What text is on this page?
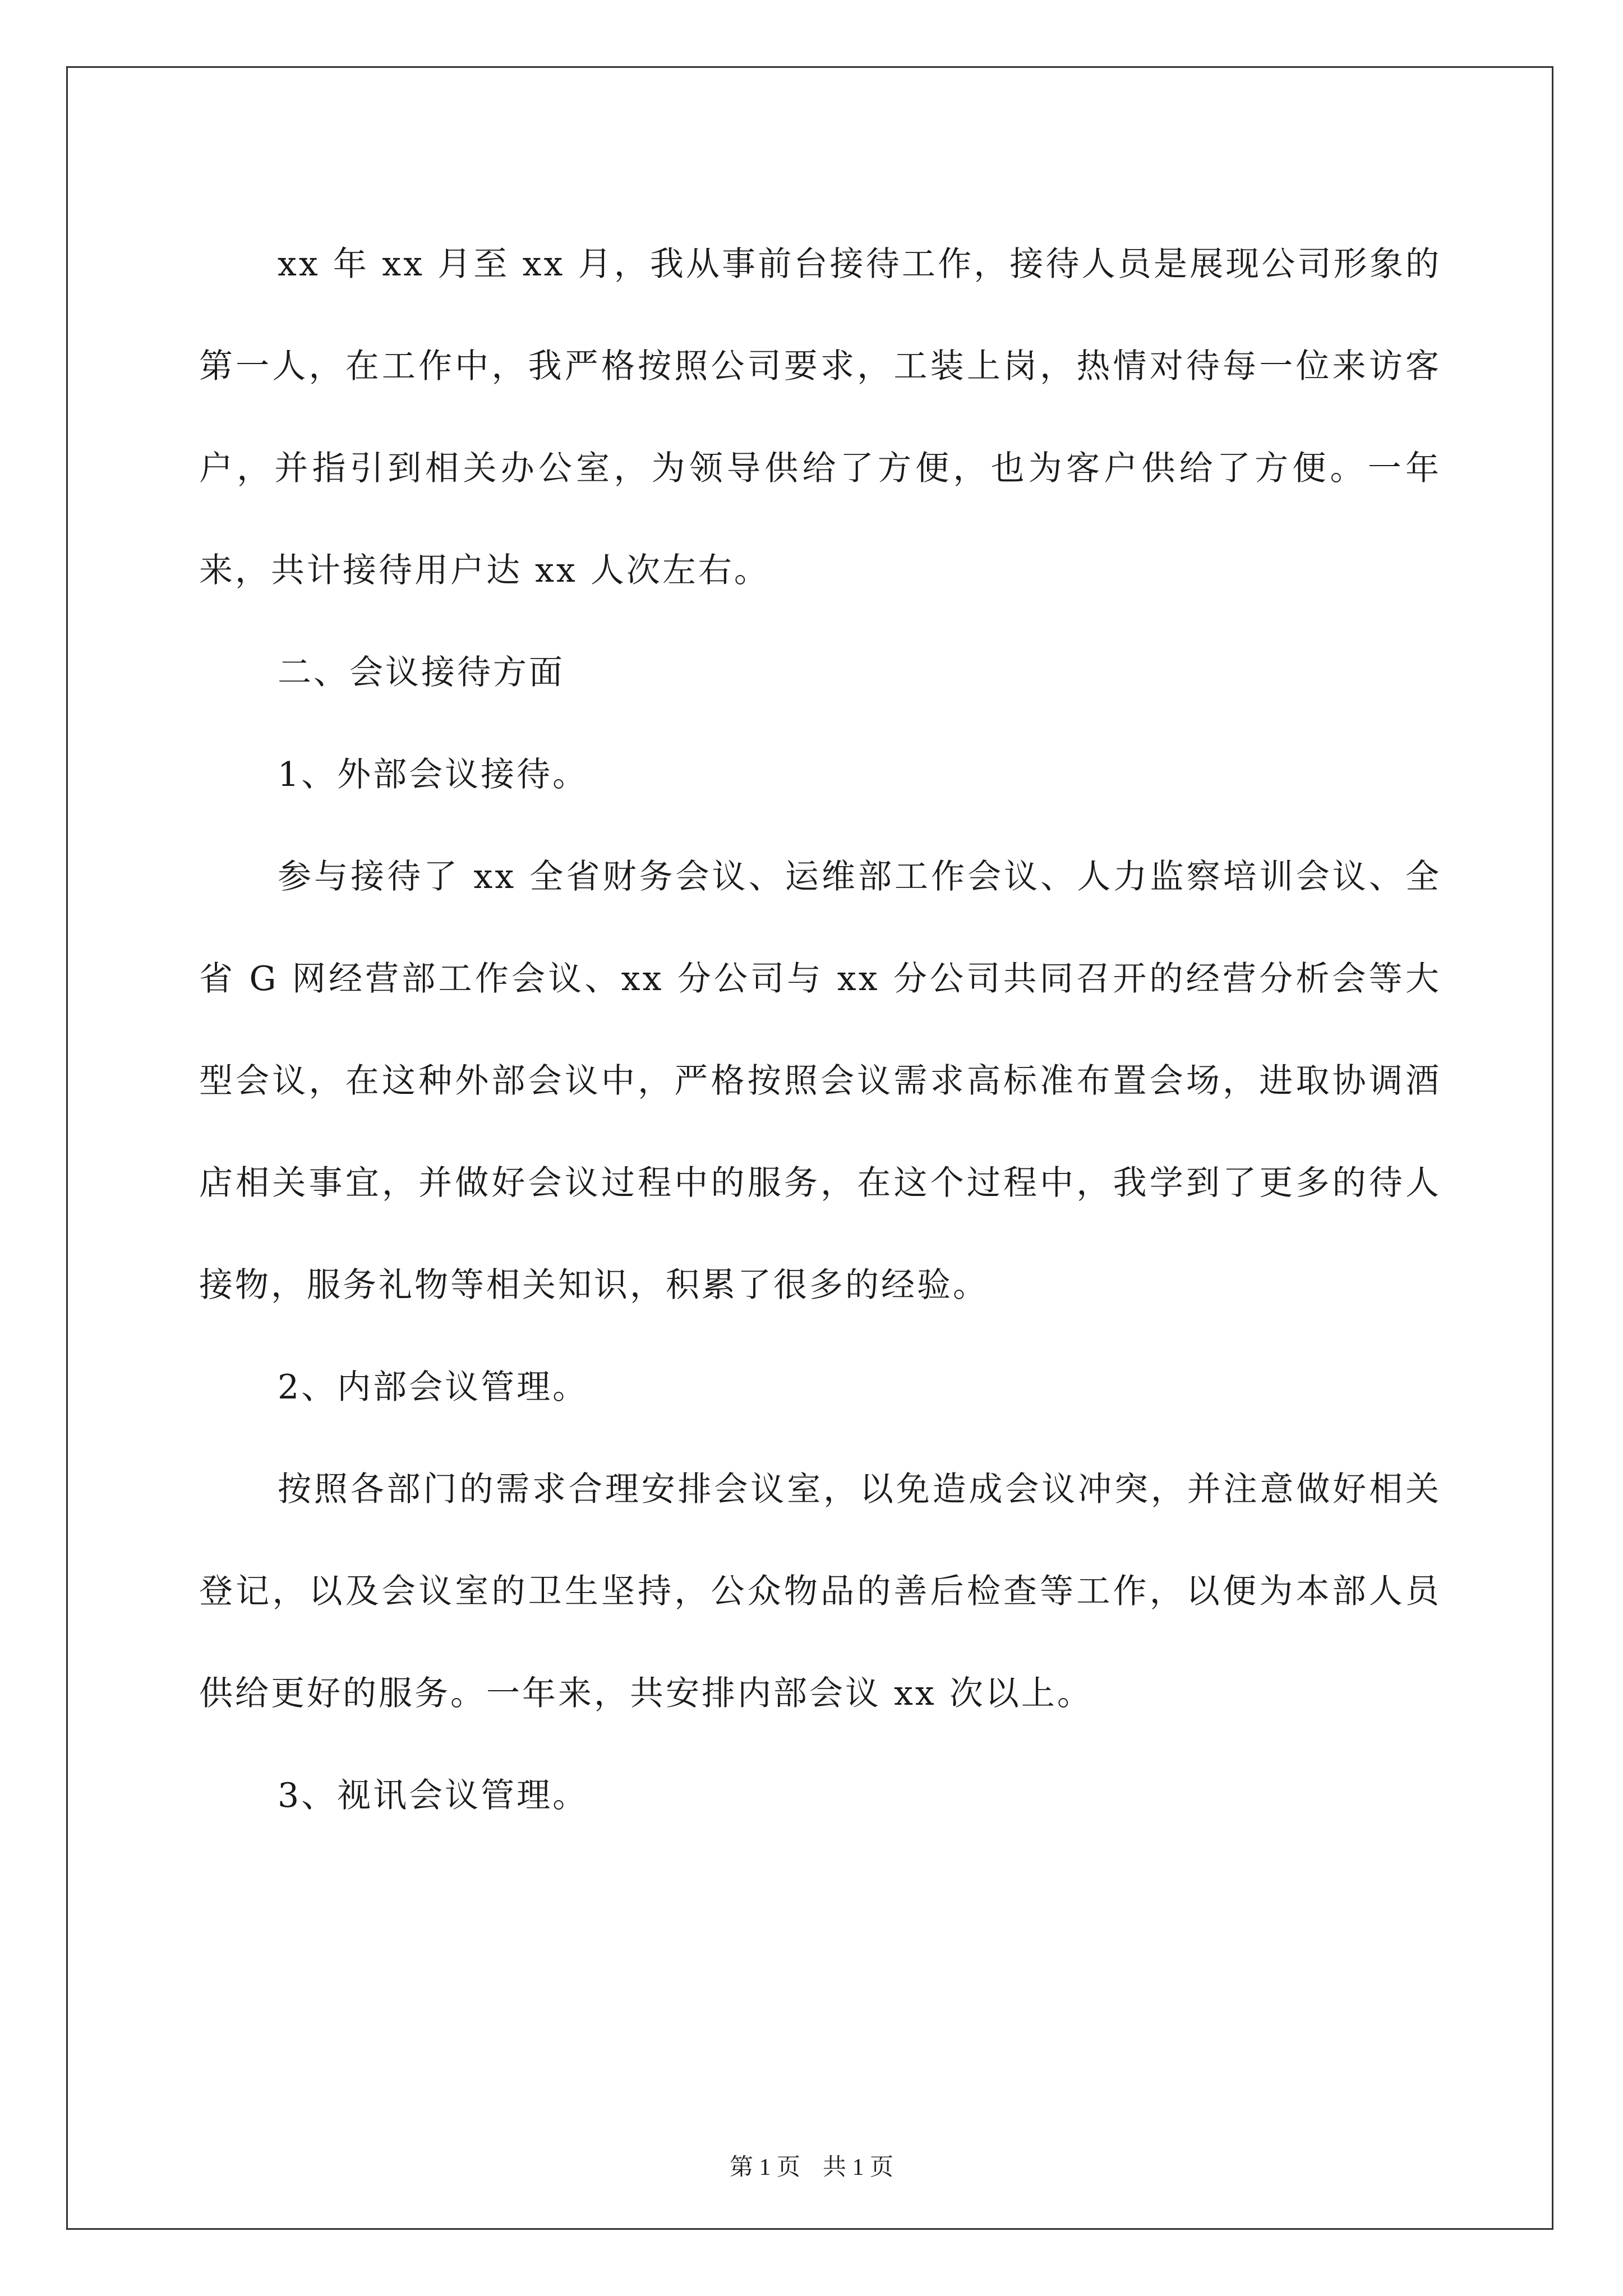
xx 年 xx 月至 xx 月，我从事前台接待工作，接待人员是展现公司形象的第一人，在工作中，我严格按照公司要求，工装上岗，热情对待每一位来访客户，并指引到相关办公室，为领导供给了方便，也为客户供给了方便。一年来，共计接待用户达 xx 人次左右。

二、会议接待方面

1、外部会议接待。

参与接待了 xx 全省财务会议、运维部工作会议、人力监察培训会议、全省 G 网经营部工作会议、xx 分公司与 xx 分公司共同召开的经营分析会等大型会议，在这种外部会议中，严格按照会议需求高标准布置会场，进取协调酒店相关事宜，并做好会议过程中的服务，在这个过程中，我学到了更多的待人接物，服务礼物等相关知识，积累了很多的经验。

2、内部会议管理。

按照各部门的需求合理安排会议室，以免造成会议冲突，并注意做好相关登记，以及会议室的卫生坚持，公众物品的善后检查等工作，以便为本部人员供给更好的服务。一年来，共安排内部会议 xx 次以上。

3、视讯会议管理。

第 1 页 共 1 页
